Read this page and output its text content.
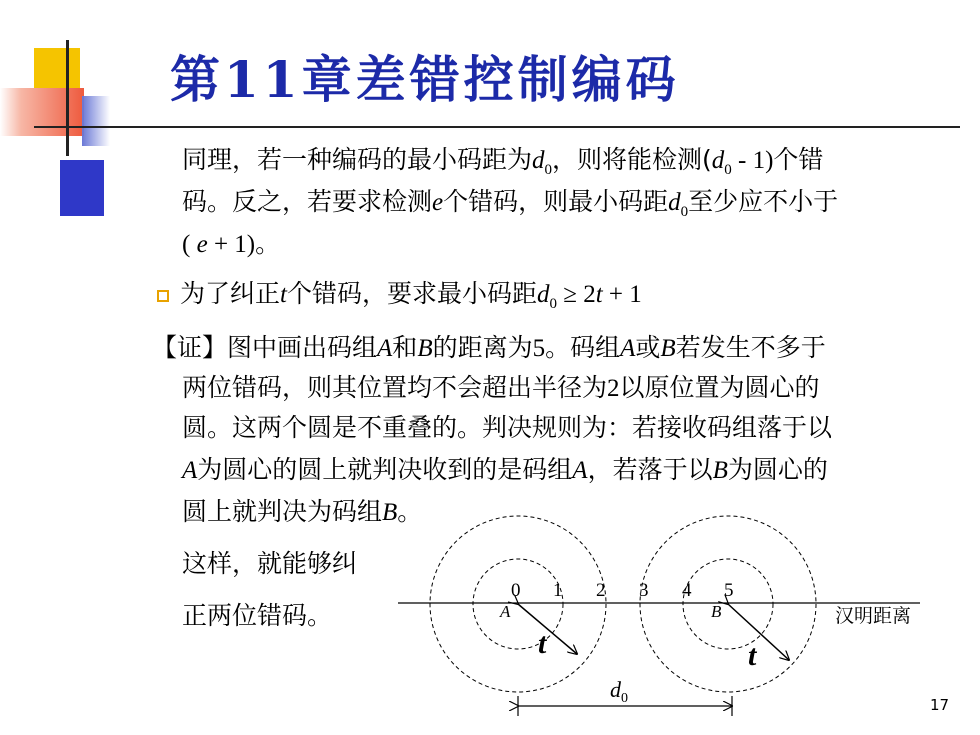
第11章差错控制编码

同理，若一种编码的最小码距为$d_0$，则将能检测$(d_0 - 1)$个错

码。反之，若要求检测e个错码，则最小码距$d_0$至少应不小于

( e + 1)。

为了纠正t个错码，要求最小码距$d_0 \ge 2t + 1$

【证】图中画出码组A和B的距离为5。码组A或B若发生不多于

两位错码，则其位置均不会超出半径为2以原位置为圆心的

圆。这两个圆是不重叠的。判决规则为：若接收码组落于以

A为圆心的圆上就判决收到的是码组A，若落于以B为圆心的

圆上就判决为码组B。

这样，就能够纠

正两位错码。

0 1 2 3 4 5
A	B
t	t
汉明距离
$d_0$	17
